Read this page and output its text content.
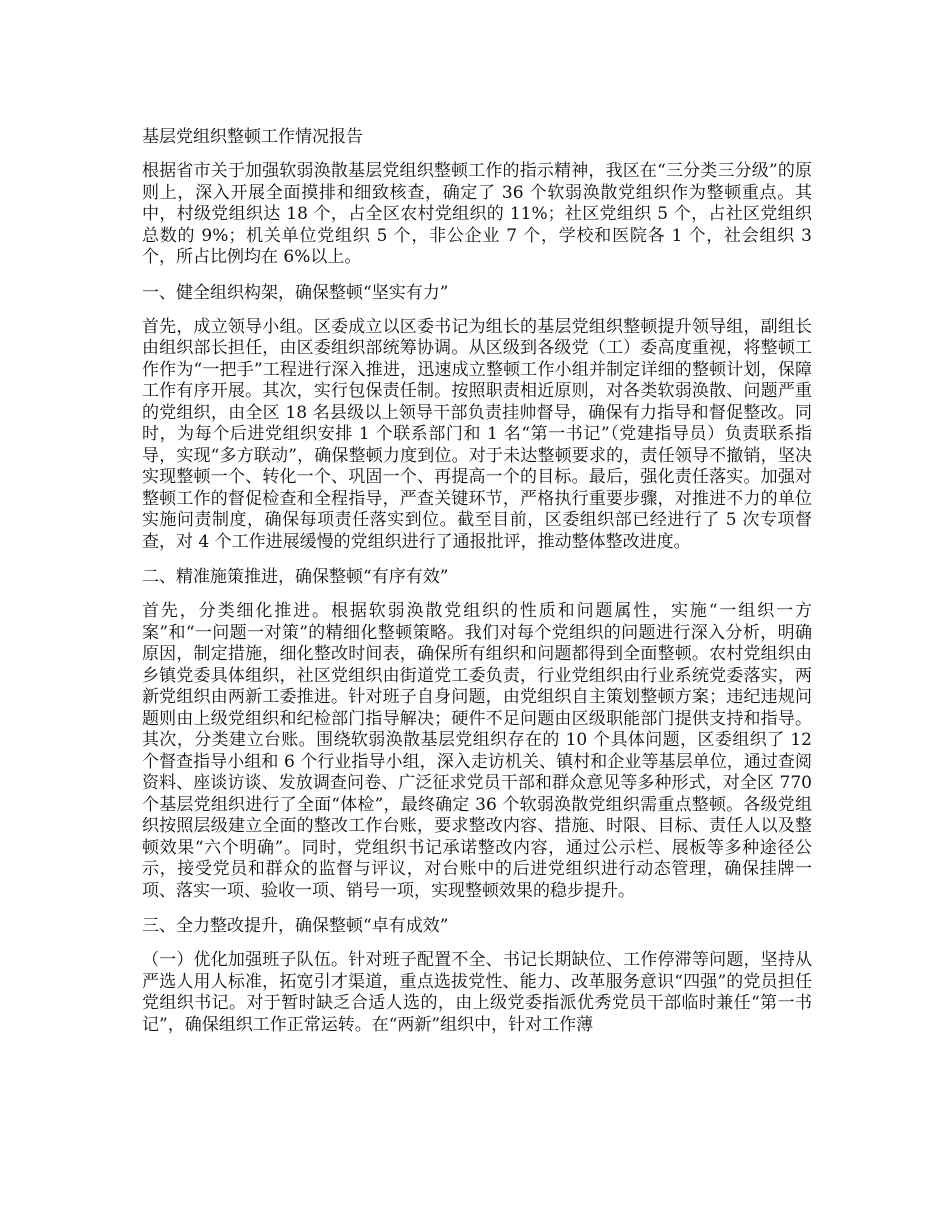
基层党组织整顿工作情况报告

根据省市关于加强软弱涣散基层党组织整顿工作的指示精神，我区在“三分类三分级”的原则上，深入开展全面摸排和细致核查，确定了 36 个软弱涣散党组织作为整顿重点。其中，村级党组织达 18 个，占全区农村党组织的 11%；社区党组织 5 个，占社区党组织总数的 9%；机关单位党组织 5 个，非公企业 7 个，学校和医院各 1 个，社会组织 3 个，所占比例均在 6%以上。

一、健全组织构架，确保整顿“坚实有力”

首先，成立领导小组。区委成立以区委书记为组长的基层党组织整顿提升领导组，副组长由组织部长担任，由区委组织部统筹协调。从区级到各级党（工）委高度重视，将整顿工作作为“一把手”工程进行深入推进，迅速成立整顿工作小组并制定详细的整顿计划，保障工作有序开展。其次，实行包保责任制。按照职责相近原则，对各类软弱涣散、问题严重的党组织，由全区 18 名县级以上领导干部负责挂帅督导，确保有力指导和督促整改。同时，为每个后进党组织安排 1 个联系部门和 1 名“第一书记”（党建指导员）负责联系指导，实现“多方联动”，确保整顿力度到位。对于未达整顿要求的，责任领导不撤销，坚决实现整顿一个、转化一个、巩固一个、再提高一个的目标。最后，强化责任落实。加强对整顿工作的督促检查和全程指导，严查关键环节，严格执行重要步骤，对推进不力的单位实施问责制度，确保每项责任落实到位。截至目前，区委组织部已经进行了 5 次专项督查，对 4 个工作进展缓慢的党组织进行了通报批评，推动整体整改进度。

二、精准施策推进，确保整顿“有序有效”

首先，分类细化推进。根据软弱涣散党组织的性质和问题属性，实施“一组织一方案”和“一问题一对策”的精细化整顿策略。我们对每个党组织的问题进行深入分析，明确原因，制定措施，细化整改时间表，确保所有组织和问题都得到全面整顿。农村党组织由乡镇党委具体组织，社区党组织由街道党工委负责，行业党组织由行业系统党委落实，两新党组织由两新工委推进。针对班子自身问题，由党组织自主策划整顿方案；违纪违规问题则由上级党组织和纪检部门指导解决；硬件不足问题由区级职能部门提供支持和指导。其次，分类建立台账。围绕软弱涣散基层党组织存在的 10 个具体问题，区委组织了 12 个督查指导小组和 6 个行业指导小组，深入走访机关、镇村和企业等基层单位，通过查阅资料、座谈访谈、发放调查问卷、广泛征求党员干部和群众意见等多种形式，对全区 770 个基层党组织进行了全面“体检”，最终确定 36 个软弱涣散党组织需重点整顿。各级党组织按照层级建立全面的整改工作台账，要求整改内容、措施、时限、目标、责任人以及整顿效果“六个明确”。同时，党组织书记承诺整改内容，通过公示栏、展板等多种途径公示，接受党员和群众的监督与评议，对台账中的后进党组织进行动态管理，确保挂牌一项、落实一项、验收一项、销号一项，实现整顿效果的稳步提升。

三、全力整改提升，确保整顿“卓有成效”

（一）优化加强班子队伍。针对班子配置不全、书记长期缺位、工作停滞等问题，坚持从严选人用人标准，拓宽引才渠道，重点选拔党性、能力、改革服务意识“四强”的党员担任党组织书记。对于暂时缺乏合适人选的，由上级党委指派优秀党员干部临时兼任“第一书记”，确保组织工作正常运转。在“两新”组织中，针对工作薄
